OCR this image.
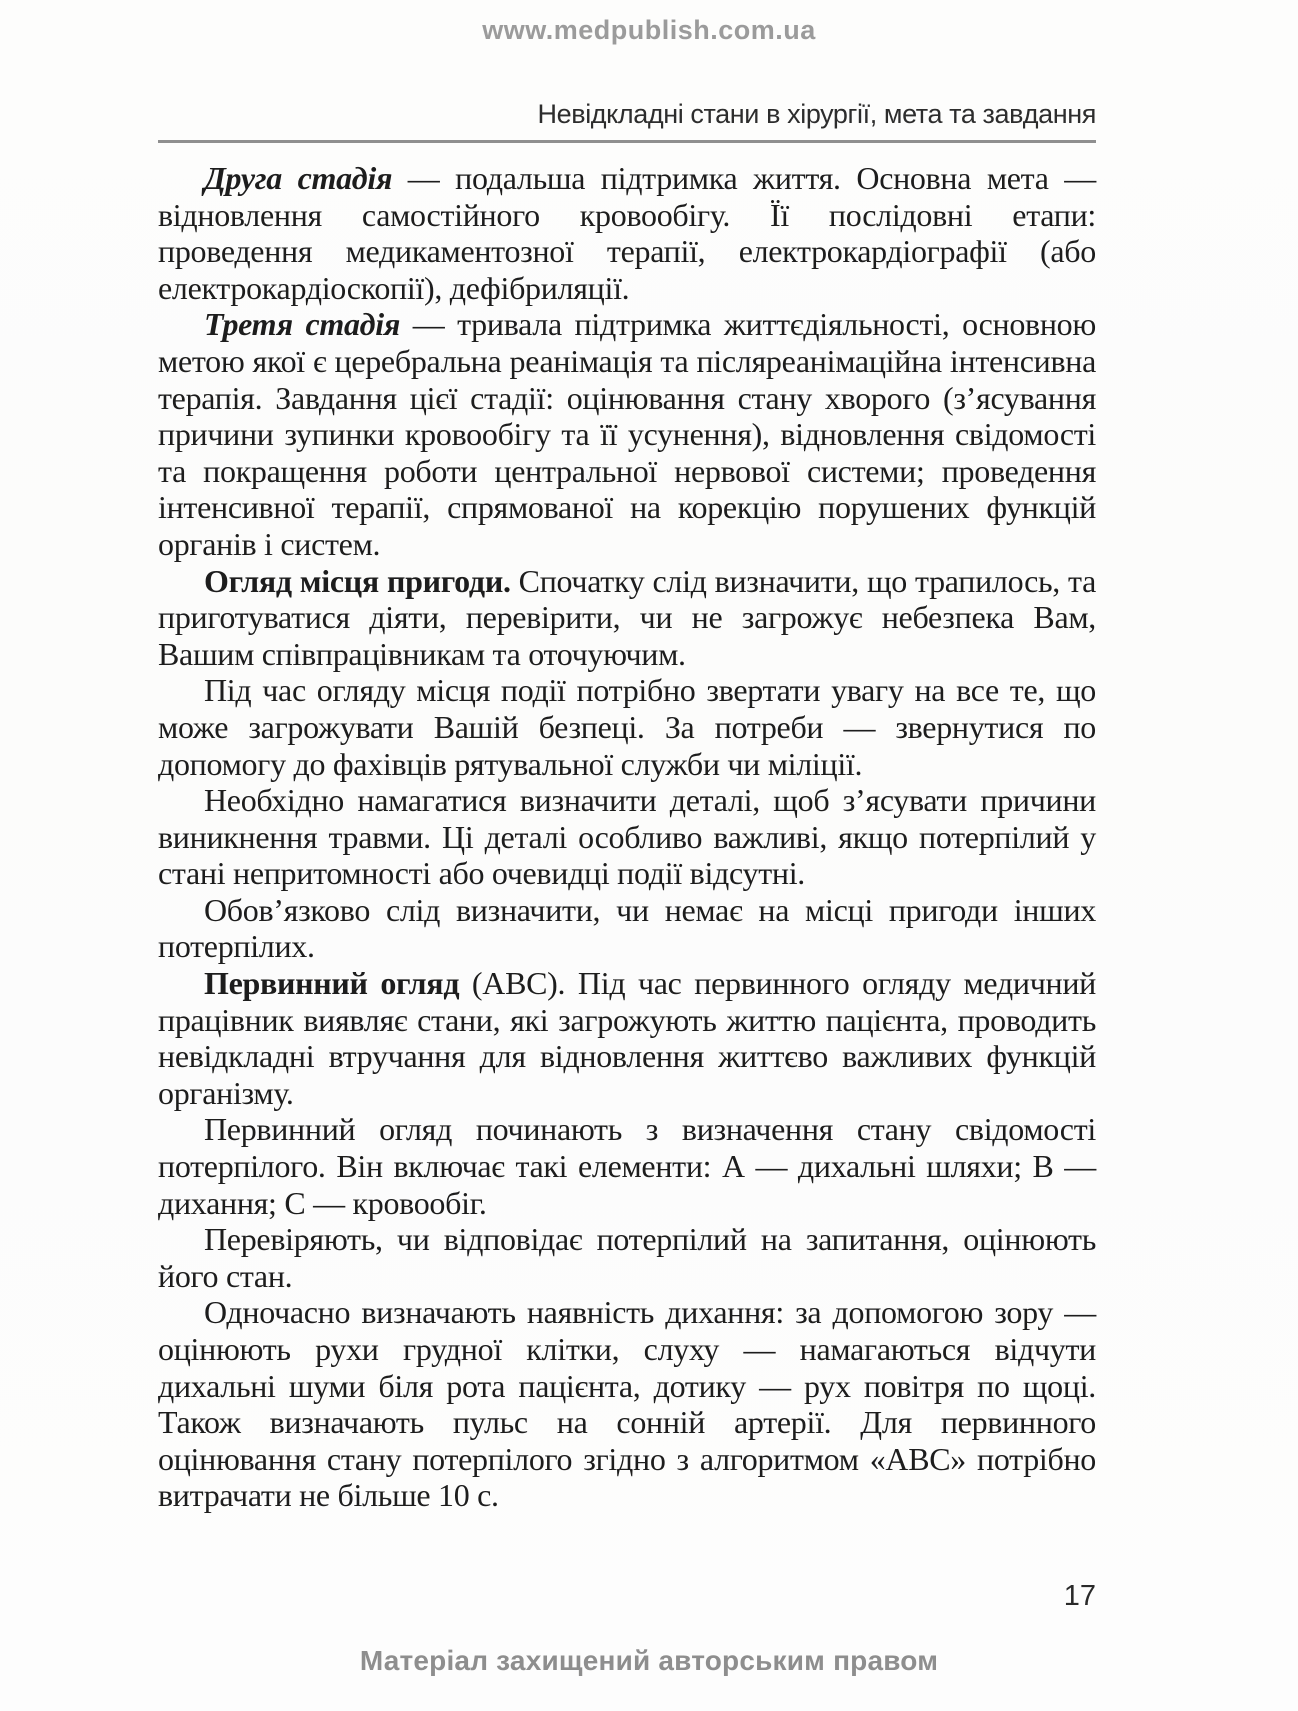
www.medpublish.com.ua
Невідкладні стани в хірургії, мета та завдання

Друга стадія — подальша підтримка життя. Основна мета — відновлення самостійного кровообігу. Її послідовні етапи: проведення медикаментозної терапії, електрокардіографії (або електрокардіоскопії), дефібриляції.

Третя стадія — тривала підтримка життєдіяльності, основною метою якої є церебральна реанімація та післяреанімаційна інтенсивна терапія. Завдання цієї стадії: оцінювання стану хворого (з’ясування причини зупинки кровообігу та її усунення), відновлення свідомості та покращення роботи центральної нервової системи; проведення інтенсивної терапії, спрямованої на корекцію порушених функцій органів і систем.

Огляд місця пригоди. Спочатку слід визначити, що трапилось, та приготуватися діяти, перевірити, чи не загрожує небезпека Вам, Вашим співпрацівникам та оточуючим.

Під час огляду місця події потрібно звертати увагу на все те, що може загрожувати Вашій безпеці. За потреби — звернутися по допомогу до фахівців рятувальної служби чи міліції.

Необхідно намагатися визначити деталі, щоб з’ясувати причини виникнення травми. Ці деталі особливо важливі, якщо потерпілий у стані непритомності або очевидці події відсутні.

Обов’язково слід визначити, чи немає на місці пригоди інших потерпілих.

Первинний огляд (АВС). Під час первинного огляду медичний працівник виявляє стани, які загрожують життю пацієнта, проводить невідкладні втручання для відновлення життєво важливих функцій організму.

Первинний огляд починають з визначення стану свідомості потерпілого. Він включає такі елементи: А — дихальні шляхи; В — дихання; С — кровообіг.

Перевіряють, чи відповідає потерпілий на запитання, оцінюють його стан.

Одночасно визначають наявність дихання: за допомогою зору — оцінюють рухи грудної клітки, слуху — намагаються відчути дихальні шуми біля рота пацієнта, дотику — рух повітря по щоці. Також визначають пульс на сонній артерії. Для первинного оцінювання стану потерпілого згідно з алгоритмом «АВС» потрібно витрачати не більше 10 с.

17
Матеріал захищений авторським правом
